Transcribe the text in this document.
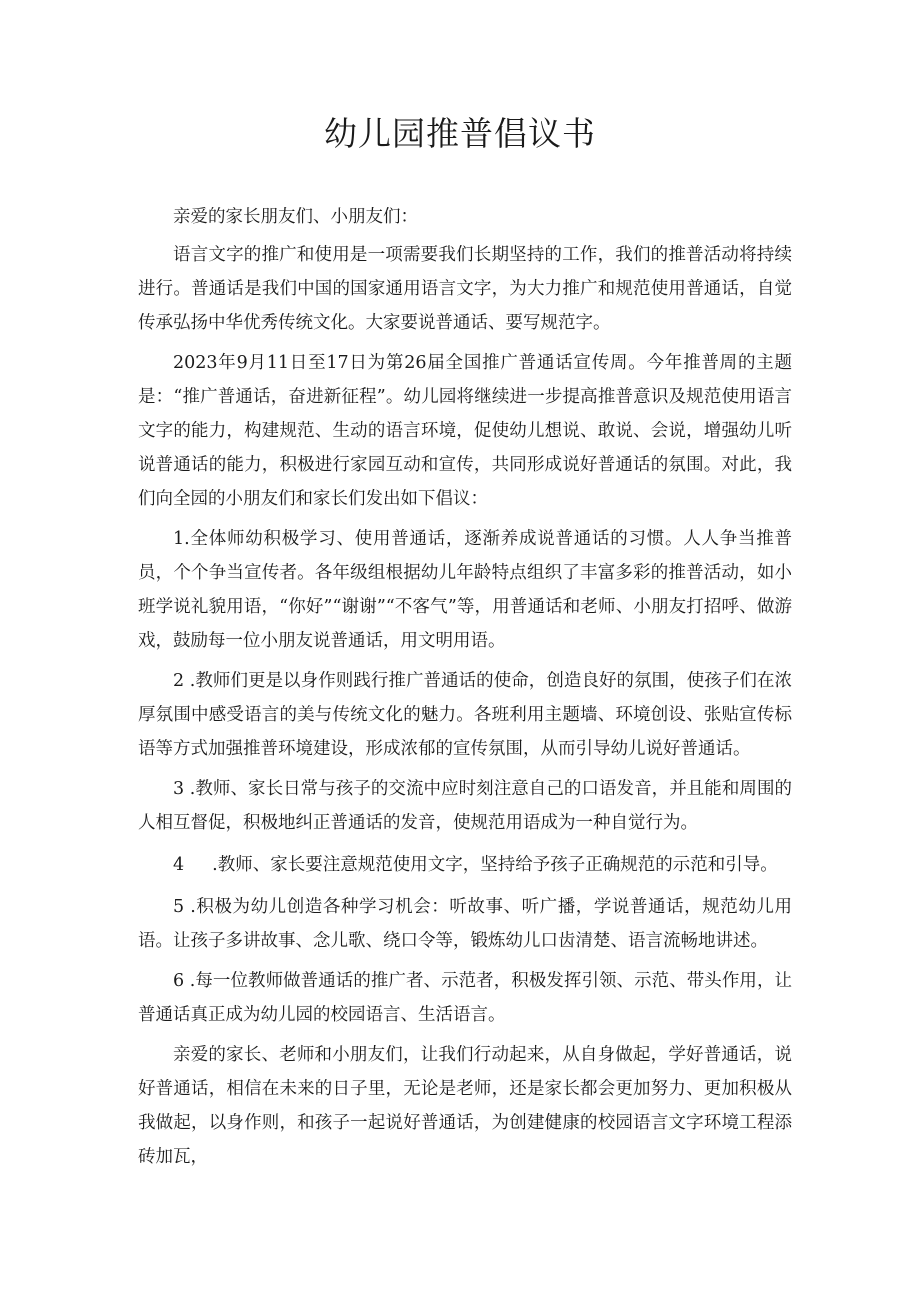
幼儿园推普倡议书

亲爱的家长朋友们、小朋友们：

语言文字的推广和使用是一项需要我们长期坚持的工作，我们的推普活动将持续进行。普通话是我们中国的国家通用语言文字，为大力推广和规范使用普通话，自觉传承弘扬中华优秀传统文化。大家要说普通话、要写规范字。

2023年9月11日至17日为第26届全国推广普通话宣传周。今年推普周的主题是：“推广普通话，奋进新征程”。幼儿园将继续进一步提高推普意识及规范使用语言文字的能力，构建规范、生动的语言环境，促使幼儿想说、敢说、会说，增强幼儿听说普通话的能力，积极进行家园互动和宣传，共同形成说好普通话的氛围。对此，我们向全园的小朋友们和家长们发出如下倡议：

1.全体师幼积极学习、使用普通话，逐渐养成说普通话的习惯。人人争当推普员，个个争当宣传者。各年级组根据幼儿年龄特点组织了丰富多彩的推普活动，如小班学说礼貌用语，“你好”“谢谢”“不客气”等，用普通话和老师、小朋友打招呼、做游戏，鼓励每一位小朋友说普通话，用文明用语。

2 .教师们更是以身作则践行推广普通话的使命，创造良好的氛围，使孩子们在浓厚氛围中感受语言的美与传统文化的魅力。各班利用主题墙、环境创设、张贴宣传标语等方式加强推普环境建设，形成浓郁的宣传氛围，从而引导幼儿说好普通话。

3 .教师、家长日常与孩子的交流中应时刻注意自己的口语发音，并且能和周围的人相互督促，积极地纠正普通话的发音，使规范用语成为一种自觉行为。

4 .教师、家长要注意规范使用文字，坚持给予孩子正确规范的示范和引导。

5 .积极为幼儿创造各种学习机会：听故事、听广播，学说普通话，规范幼儿用语。让孩子多讲故事、念儿歌、绕口令等，锻炼幼儿口齿清楚、语言流畅地讲述。

6 .每一位教师做普通话的推广者、示范者，积极发挥引领、示范、带头作用，让普通话真正成为幼儿园的校园语言、生活语言。

亲爱的家长、老师和小朋友们，让我们行动起来，从自身做起，学好普通话，说好普通话，相信在未来的日子里，无论是老师，还是家长都会更加努力、更加积极从我做起，以身作则，和孩子一起说好普通话，为创建健康的校园语言文字环境工程添砖加瓦，
